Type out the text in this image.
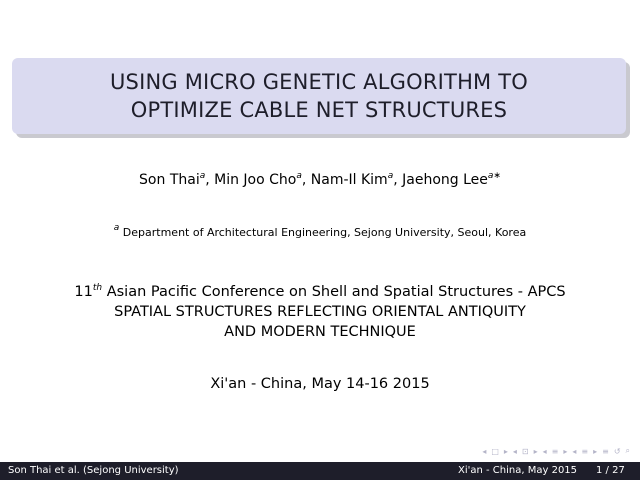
USING MICRO GENETIC ALGORITHM TO
OPTIMIZE CABLE NET STRUCTURES
Son Thai$^a$, Min Joo Cho$^a$, Nam-Il Kim$^a$, Jaehong Lee$^{a∗}$
$^a$ Department of Architectural Engineering, Sejong University, Seoul, Korea
11th Asian Pacific Conference on Shell and Spatial Structures - APCS
SPATIAL STRUCTURES REFLECTING ORIENTAL ANTIQUITY
AND MODERN TECHNIQUE
Xi'an - China, May 14-16 2015
◂ □ ▸ ◂ ⊡ ▸ ◂ ≡ ▸ ◂ ≡ ▸ ≡ ↺ ⌕
Son Thai et al. (Sejong University)	Xi'an - China, May 2015 1 / 27
